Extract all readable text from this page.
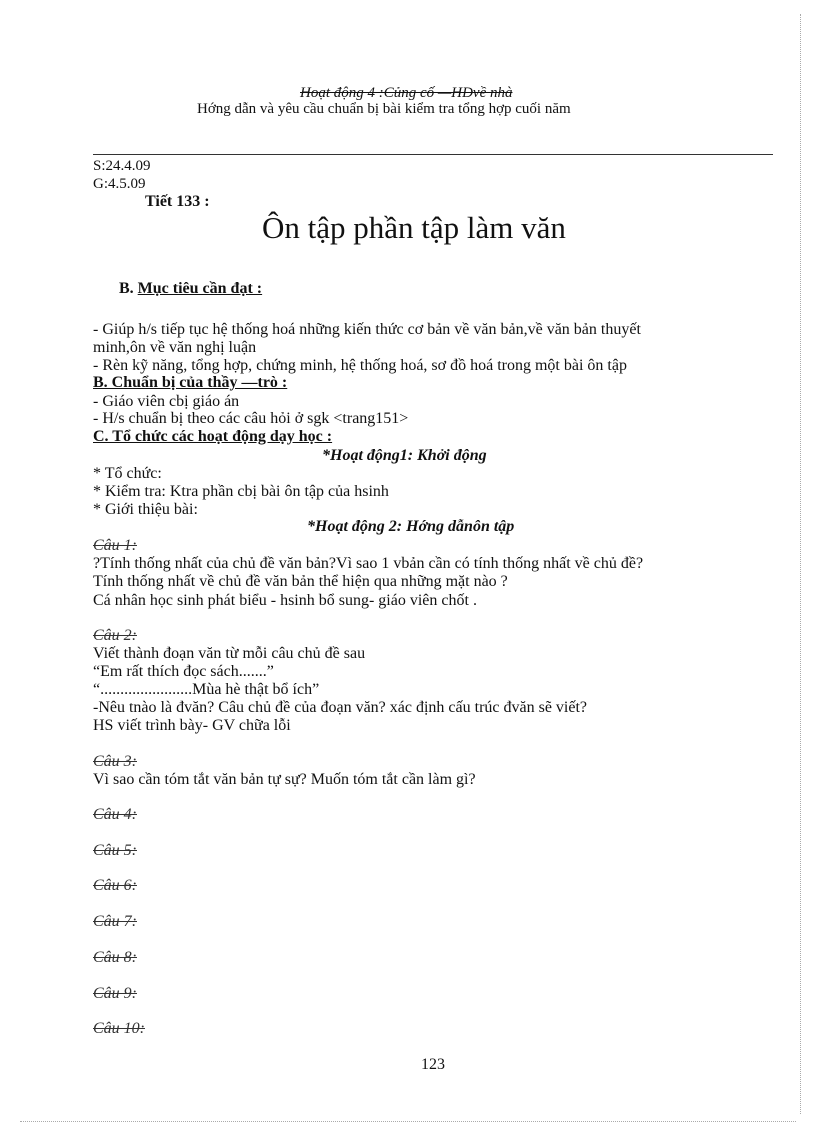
Hoạt động 4 :Củng cố —HDvề nhà
Hớng dẫn và yêu cầu chuẩn bị bài kiểm tra tổng hợp cuối năm
S:24.4.09
G:4.5.09
Tiết 133 :
Ôn tập phần tập làm văn
B. Mục tiêu cần đạt :
- Giúp h/s tiếp tục hệ thống hoá những kiến thức cơ bản về văn bản,về văn bản thuyết
minh,ôn về văn nghị luận
- Rèn kỹ năng, tổng hợp, chứng minh, hệ thống hoá, sơ đồ hoá trong một bài ôn tập
B. Chuẩn bị của thầy —trò :
- Giáo viên cbị giáo án
- H/s chuẩn bị theo các câu hỏi ở sgk <trang151>
C. Tổ chức các hoạt động dạy học :
*Hoạt động1: Khởi động
* Tổ chức:
* Kiểm tra: Ktra phần cbị bài ôn tập của hsinh
* Giới thiệu bài:
*Hoạt động 2: Hớng dẫnôn tập
Câu 1:
?Tính thống nhất của chủ đề văn bản?Vì sao 1 vbản cần có tính thống nhất về chủ đề?
Tính thống nhất về chủ đề văn bản thể hiện qua những mặt nào ?
Cá nhân học sinh phát biểu - hsinh bổ sung- giáo viên chốt .
Câu 2:
Viết thành đoạn văn từ mỗi câu chủ đề sau
“Em rất thích đọc sách.......”
“.......................Mùa hè thật bổ ích”
-Nêu tnào là đvăn? Câu chủ đề của đoạn văn? xác định cấu trúc đvăn sẽ viết?
HS viết trình bày- GV chữa lỗi
Câu 3:
Vì sao cần tóm tắt văn bản tự sự? Muốn tóm tắt cần làm gì?
Câu 4:
Câu 5:
Câu 6:
Câu 7:
Câu 8:
Câu 9:
Câu 10:
123
